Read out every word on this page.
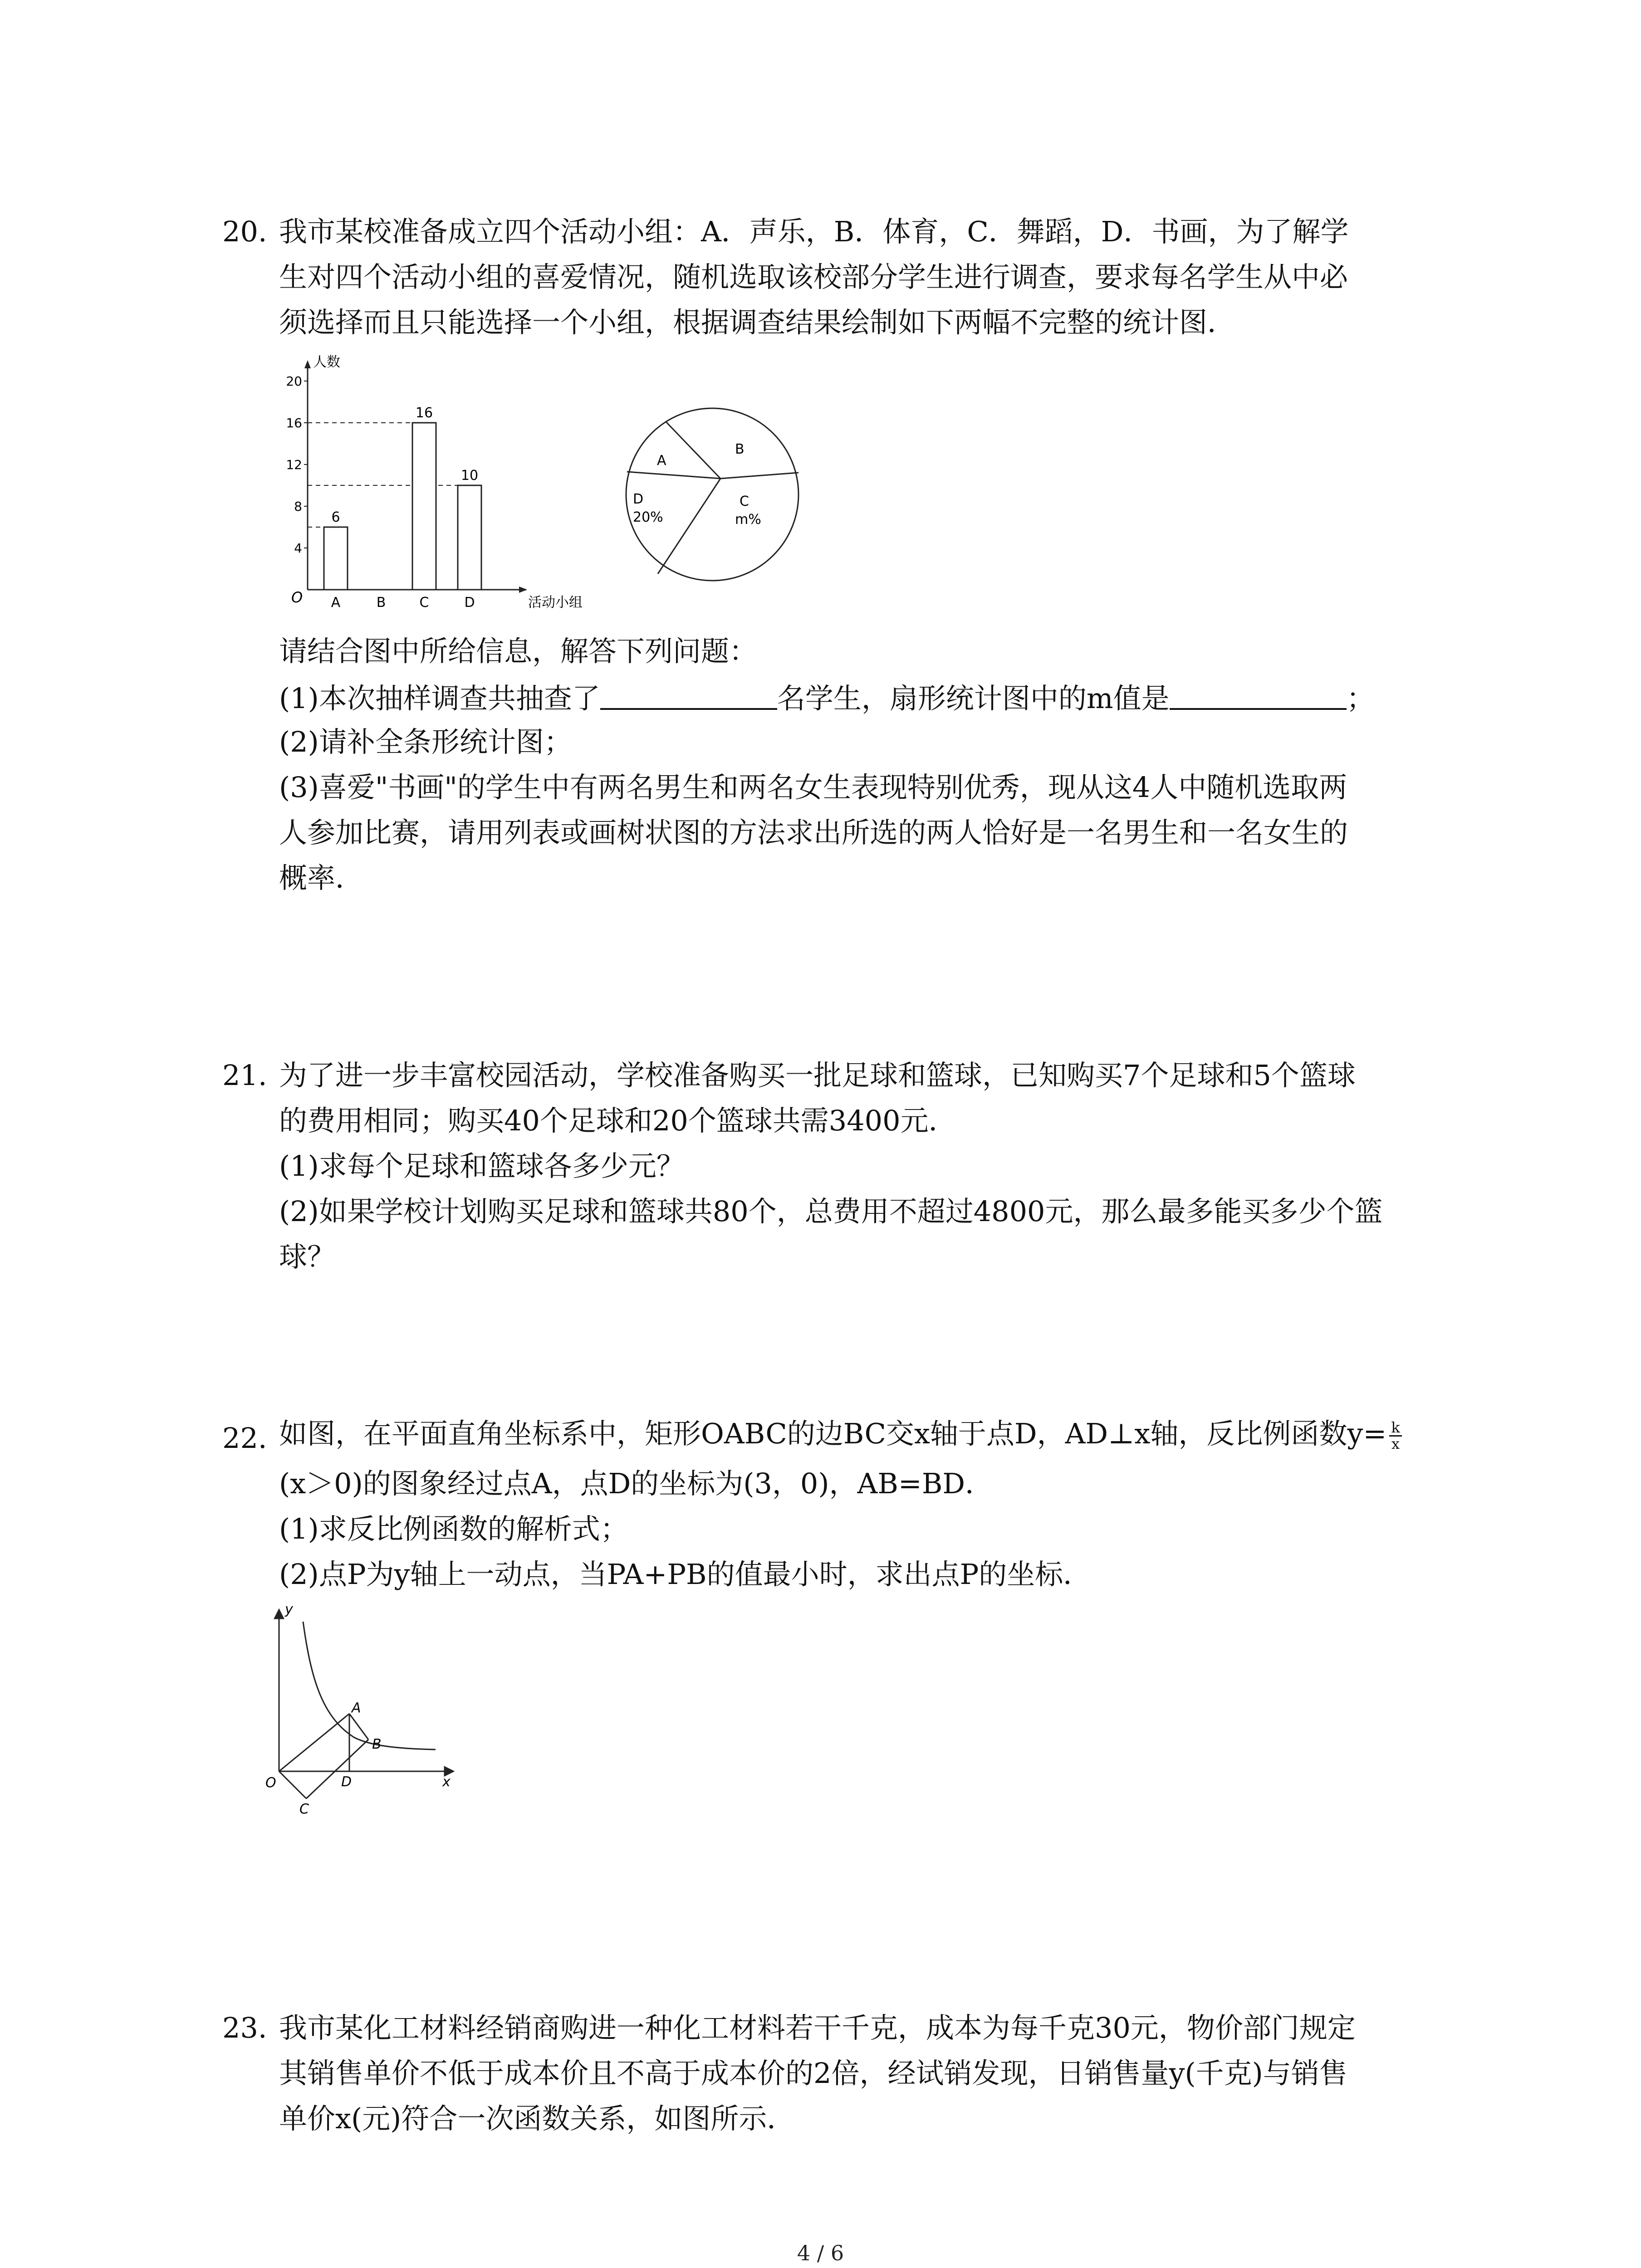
20. 我市某校准备成立四个活动小组：A．声乐，B．体育，C．舞蹈，D．书画，为了解学
生对四个活动小组的喜爱情况，随机选取该校部分学生进行调查，要求每名学生从中必
须选择而且只能选择一个小组，根据调查结果绘制如下两幅不完整的统计图．
人数
活动小组
O
4
8
12
16
20
A
6
B C
16
D
10
A
B
C
m%
D
20%
请结合图中所给信息，解答下列问题：
(1)本次抽样调查共抽查了	名学生，扇形统计图中的m值是	；
(2)请补全条形统计图；
(3)喜爱"书画"的学生中有两名男生和两名女生表现特别优秀，现从这4人中随机选取两
人参加比赛，请用列表或画树状图的方法求出所选的两人恰好是一名男生和一名女生的
概率．
21. 为了进一步丰富校园活动，学校准备购买一批足球和篮球，已知购买7个足球和5个篮球
的费用相同；购买40个足球和20个篮球共需3400元．
(1)求每个足球和篮球各多少元？
(2)如果学校计划购买足球和篮球共80个，总费用不超过4800元，那么最多能买多少个篮
球？
22. 如图，在平面直角坐标系中，矩形OABC的边BC交x轴于点D，AD⊥x轴，反比例函数$y= \frac{k}{x}$
(x＞0)的图象经过点A，点D的坐标为(3，0)，AB=BD．
(1)求反比例函数的解析式；
(2)点P为y轴上一动点，当PA+PB的值最小时，求出点P的坐标．
y
x
O
A
B
C
D
23. 我市某化工材料经销商购进一种化工材料若干千克，成本为每千克30元，物价部门规定
其销售单价不低于成本价且不高于成本价的2倍，经试销发现，日销售量y(千克)与销售
单价x(元)符合一次函数关系，如图所示．
4 / 6
